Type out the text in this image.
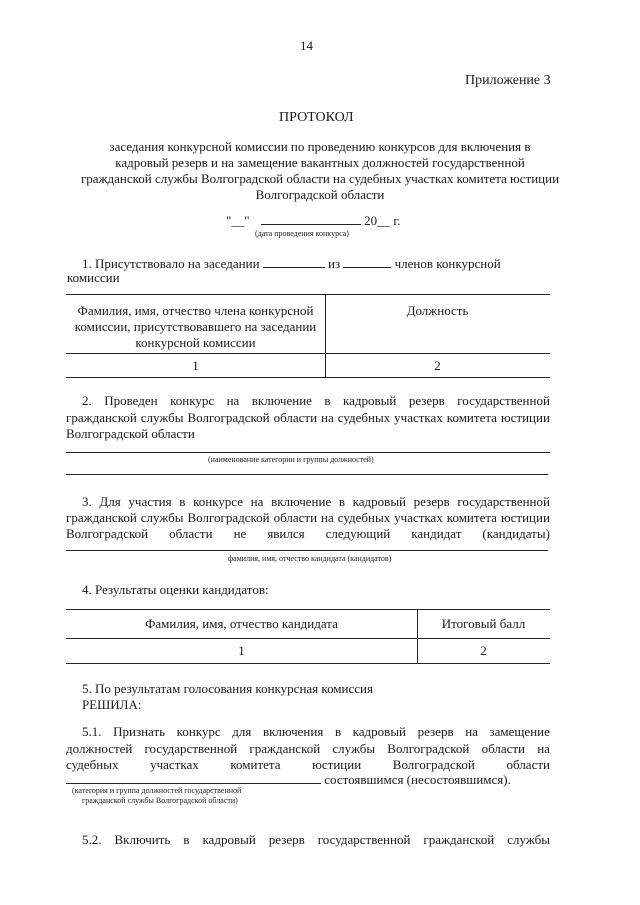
14
Приложение 3
ПРОТОКОЛ
заседания конкурсной комиссии по проведению конкурсов для включения в
кадровый резерв и на замещение вакантных должностей государственной
гражданской службы Волгоградской области на судебных участках комитета юстиции
Волгоградской области
"__"	20__ г.
(дата проведения конкурса)
1. Присутствовало на заседании	из	членов конкурсной
комиссии
Фамилия, имя, отчество члена конкурсной
комиссии, присутствовавшего на заседании
конкурсной комиссии
Должность
1	2
2. Проведен конкурс на включение в кадровый резерв государственной
гражданской службы Волгоградской области на судебных участках комитета юстиции
Волгоградской области
(наименование категории и группы должностей)
3. Для участия в конкурсе на включение в кадровый резерв государственной
гражданской службы Волгоградской области на судебных участках комитета юстиции
Волгоградской области не явился следующий кандидат (кандидаты)
фамилия, имя, отчество кандидата (кандидатов)
4. Результаты оценки кандидатов:
Фамилия, имя, отчество кандидата	Итоговый балл
1	2
5. По результатам голосования конкурсная комиссия
РЕШИЛА:
5.1. Признать конкурс для включения в кадровый резерв на замещение
должностей государственной гражданской службы Волгоградской области на
судебных участках комитета юстиции Волгоградской области
состоявшимся (несостоявшимся).
(категория и группа должностей государственной
гражданской службы Волгоградской области)
5.2. Включить в кадровый резерв государственной гражданской службы
